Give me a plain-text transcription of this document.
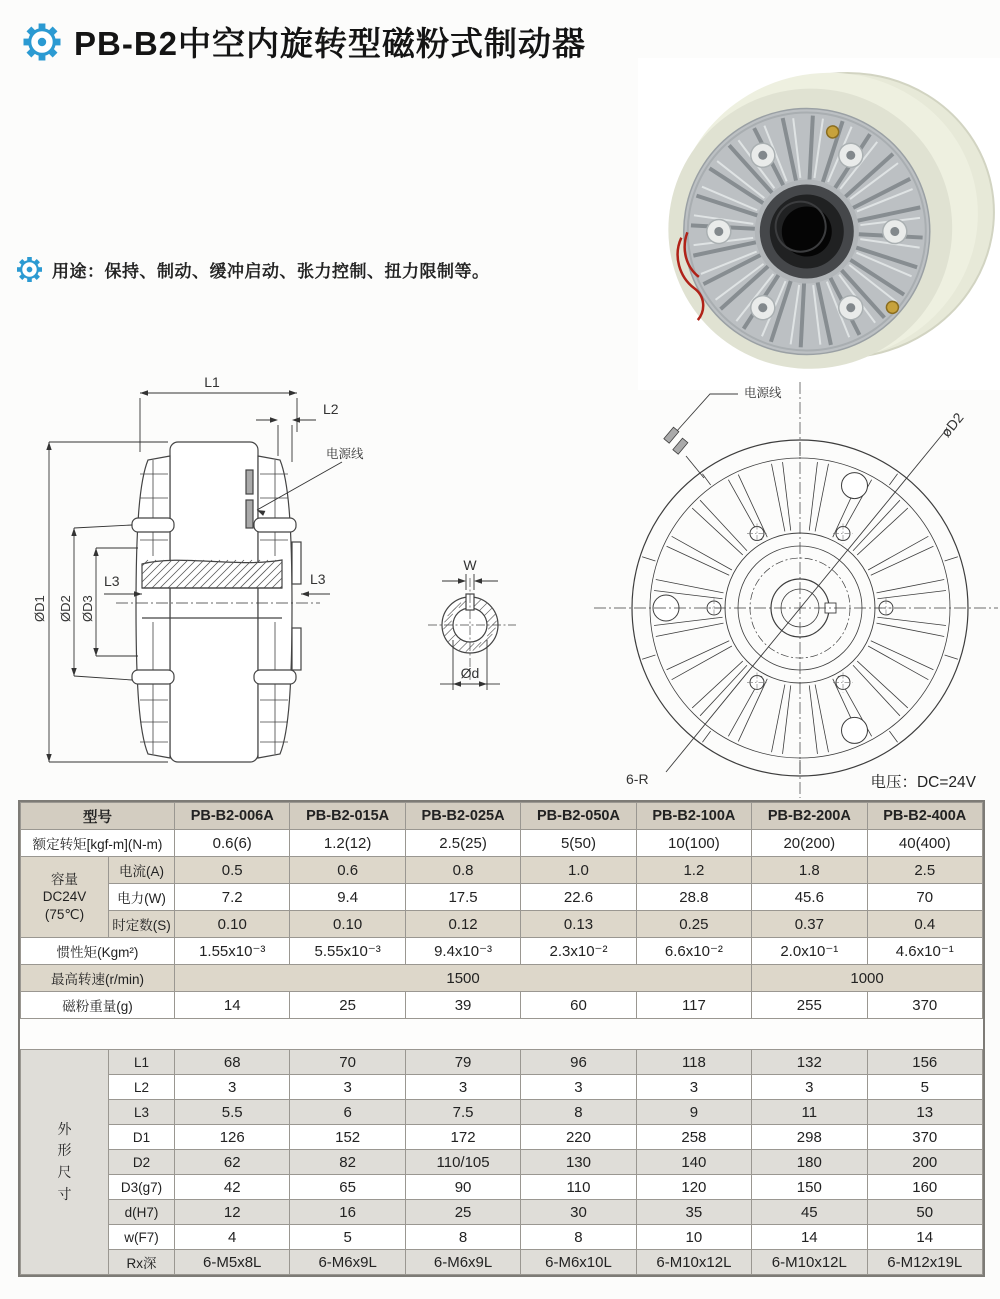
PB-B2中空内旋转型磁粉式制动器
用途：保持、制动、缓冲启动、张力控制、扭力限制等。
L1
L2
L3	L3
ØD1 ØD2 ØD3
电源线
W
Ød
电源线
øD2
6-R	电压：DC=24V
型号		PB-B2-006A	PB-B2-015A	PB-B2-025A	PB-B2-050A	PB-B2-100A	PB-B2-200A	PB-B2-400A
额定转矩[kgf-m](N-m)		0.6(6)	1.2(12)	2.5(25)	5(50)	10(100)	20(200)	40(400)

容量
DC24V
(75℃)	电流(A)	0.5	0.6	0.8	1.0	1.2	1.8	2.5
	电力(W)	7.2	9.4	17.5	22.6	28.8	45.6	70
	时定数(S)	0.10	0.10	0.12	0.13	0.25	0.37	0.4
惯性矩(Kgm²)		1.55x10⁻³	5.55x10⁻³	9.4x10⁻³	2.3x10⁻²	6.6x10⁻²	2.0x10⁻¹	4.6x10⁻¹
最高转速(r/min)		1500					1000	
磁粉重量(g)		14	25	39	60	117	255	370
外
形
尺
寸	L1	68	70	79	96	118	132	156
	L2	3	3	3	3	3	3	5
	L3	5.5	6	7.5	8	9	11	13
	D1	126	152	172	220	258	298	370
	D2	62	82	110/105	130	140	180	200
	D3(g7)	42	65	90	110	120	150	160
	d(H7)	12	16	25	30	35	45	50
	w(F7)	4	5	8	8	10	14	14
	Rx深	6-M5x8L	6-M6x9L	6-M6x9L	6-M6x10L	6-M10x12L	6-M10x12L	6-M12x19L
